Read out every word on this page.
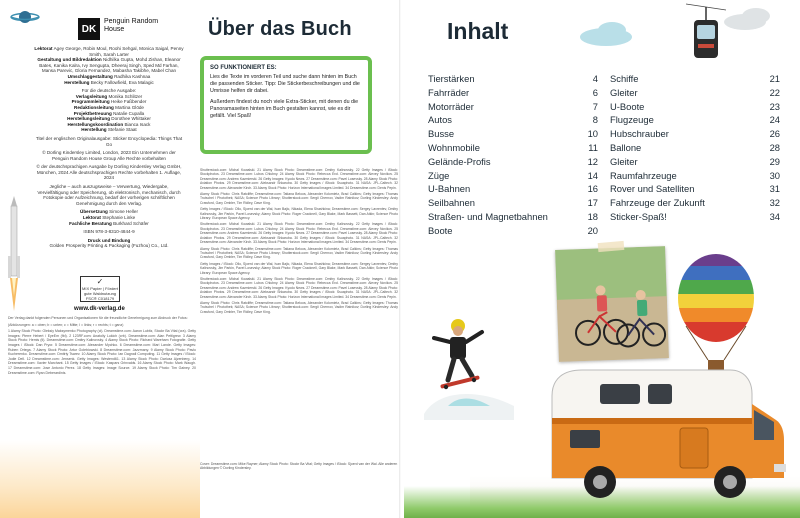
DK
Penguin Random House

Lektorat Agey George, Robin Moul, Roohi Sehgal, Monica Saigal, Penny Smith, Sarah Larter
Gestaltung und Bildredaktion Nidhilka Gupta, Mohd Zishan, Eleanor Bates, Kanika Kalra, Ivy Sengupta, Dheeraj Singh, Sped Md Farhan, Mansa Parevic, Gloria Fernandez, Mabasha Takibhe, Mabel Chan
Umschlaggestaltung Radhika Kashnaa
Herstellung Becky Fallowfield, Eva Malagic

Für die deutsche Ausgabe:
Verlagsleitung Monika Schlitzer
Programmleitung Heike Faßbender
Redaktionsleitung Martina Glöde
Projektbetreuung Natalie Cupalla
Herstellungsleitung Dorothee Whittaker
Herstellungskoordination Bianca Isack
Herstellung Stefanie Staat

Titel der englischen Originalausgabe: Sticker Encyclopedia: Things That Go

© Dorling Kindersley Limited, London, 2023 Ein Unternehmen der Penguin Random House Group Alle Rechte vorbehalten

© der deutschsprachigen Ausgabe by Dorling Kindersley Verlag GmbH, München, 2024 Alle deutschsprachigen Rechte vorbehalten 1. Auflage, 2024

Jegliche – auch auszugsweise – Verwertung, Wiedergabe, Vervielfältigung oder Speicherung, ob elektronisch, mechanisch, durch Fotokopie oder Aufzeichnung, bedarf der vorherigen schriftlichen Genehmigung durch den Verlag.

Übersetzung Simone Heller
Lektorat Stephanie Linke
Fachliche Beratung Burkhard Schäfer

ISBN 978-3-8310-4844-9

Druck und Bindung
Golden Prosperity Printing & Packaging (Fuzhou) Co., Ltd.

✓
MIX Papier | Fördert gute Waldnutzung FSC® C018179
www.dk-verlag.de

Der Verlag dankt folgenden Personen und Organisationen für die freundliche Genehmigung zum Abdruck der Fotos:

(Abkürzungen: a = oben; b = unten; c = Mitte; l = links; r = rechts; t = ganz)

1 Alamy Stock Photo: Oleksiy Maksymenko Photography (cl). Dreamstime.com: Aaron Lubitz, Stockr Ba Vital (cra). Getty Images: Pierre Hebert / EyeEm (fbl). 2 123RF.com: Anatoliy Lukich (crb). Dreamstime.com: Alan Pettigrew. 3 Alamy Stock Photo: Hemis (tl). Dreamstime.com: Dmitry Kalinovsky. 4 Alamy Stock Photo: Richard Wareham Fotografie. Getty Images / iStock: Dan Pryor. 5 Dreamstime.com: Alexander Mychko. 6 Dreamstime.com: Mari Lande. Getty Images: Ruben Ortega. 7 Alamy Stock Photo: Artur Golebiowski. 8 Dreamstime.com: Jazzmany. 9 Alamy Stock Photo: Pavlo Kucherenko. Dreamstime.com: Dmitriy Tsarev. 10 Alamy Stock Photo: Ian Dagnall Computing. 11 Getty Images / iStock: Jodie Dell. 12 Dreamstime.com: Jensenk. Getty Images: Westend61. 13 Alamy Stock Photo: Dariusz Ajzenberg. 14 Dreamstime.com: Xavier Marchant. 15 Getty Images / iStock: Kaspars Grinvalds. 16 Alamy Stock Photo: Mark Waugh. 17 Dreamstime.com: Jose Antonio Perez. 18 Getty Images: Image Source. 19 Alamy Stock Photo: Tim Gainey. 20 Dreamstime.com: Ryan Deberardinis.

Über das Buch
SO FUNKTIONIERT ES:

Lies die Texte im vorderen Teil und suche dann hinten im Buch die passenden Sticker. Tipp: Die Stickerbeschreibungen und die Umrisse helfen dir dabei.

Außerdem findest du noch viele Extra-Sticker, mit denen du die Panoramaseiten hinten im Buch gestalten kannst, wie es dir gefällt. Viel Spaß!

Shutterstock.com: Michal Kowalski. 21 Alamy Stock Photo: Dreamstime.com: Dmitry Kalinovsky. 22 Getty Images / iStock: Stockphotos. 23 Dreamstime.com: Lubos Chlubny. 24 Alamy Stock Photo: Rebecca Erol. Dreamstime.com: Alexey Novikov. 25 Dreamstime.com: Andrew Kazmierski. 26 Getty Images: Kyodo News. 27 Dreamstime.com: Pavel Losevsky. 28 Alamy Stock Photo: Aviation Photos. 29 Dreamstime.com: Aleksandr Shkaruba. 30 Getty Images / iStock: Ssuaphoto. 31 NASA: JPL-Caltech. 32 Dreamstime.com: Alexander Kirch. 33 Alamy Stock Photo: Horizon International Images Limited. 34 Dreamstime.com: Denis Pepin.

Alamy Stock Photo: Chris Ratcliffe; Dreamstime.com: Tatiana Belova, Alexander Kolomietz, Brad Calkins; Getty Images: Thomas Trutschel / Photothek; NASA; Science Photo Library; Shutterstock.com: Sergii Chernov, Vadim Ratnikov; Dorling Kindersley: Andy Crawford, Gary Ombler, Tim Ridley, Dave King.

Getty Images / iStock: Ollo, Sjoerd van der Wal, Ivan Bajic, Nikada, Elena Shashkina; Dreamstime.com: Sergey Lavrentev, Dmitry Kalinovsky, Jim Parkin, Pavel Losevsky; Alamy Stock Photo: Roger Cracknell, Gary Blake, Mark Bassett, Dan Atkin; Science Photo Library: European Space Agency.

Shutterstock.com: Michal Kowalski. 21 Alamy Stock Photo: Dreamstime.com: Dmitry Kalinovsky. 22 Getty Images / iStock: Stockphotos. 23 Dreamstime.com: Lubos Chlubny. 24 Alamy Stock Photo: Rebecca Erol. Dreamstime.com: Alexey Novikov. 25 Dreamstime.com: Andrew Kazmierski. 26 Getty Images: Kyodo News. 27 Dreamstime.com: Pavel Losevsky. 28 Alamy Stock Photo: Aviation Photos. 29 Dreamstime.com: Aleksandr Shkaruba. 30 Getty Images / iStock: Ssuaphoto. 31 NASA: JPL-Caltech. 32 Dreamstime.com: Alexander Kirch. 33 Alamy Stock Photo: Horizon International Images Limited. 34 Dreamstime.com: Denis Pepin.

Alamy Stock Photo: Chris Ratcliffe; Dreamstime.com: Tatiana Belova, Alexander Kolomietz, Brad Calkins; Getty Images: Thomas Trutschel / Photothek; NASA; Science Photo Library; Shutterstock.com: Sergii Chernov, Vadim Ratnikov; Dorling Kindersley: Andy Crawford, Gary Ombler, Tim Ridley, Dave King.

Getty Images / iStock: Ollo, Sjoerd van der Wal, Ivan Bajic, Nikada, Elena Shashkina; Dreamstime.com: Sergey Lavrentev, Dmitry Kalinovsky, Jim Parkin, Pavel Losevsky; Alamy Stock Photo: Roger Cracknell, Gary Blake, Mark Bassett, Dan Atkin; Science Photo Library: European Space Agency.

Shutterstock.com: Michal Kowalski. 21 Alamy Stock Photo: Dreamstime.com: Dmitry Kalinovsky. 22 Getty Images / iStock: Stockphotos. 23 Dreamstime.com: Lubos Chlubny. 24 Alamy Stock Photo: Rebecca Erol. Dreamstime.com: Alexey Novikov. 25 Dreamstime.com: Andrew Kazmierski. 26 Getty Images: Kyodo News. 27 Dreamstime.com: Pavel Losevsky. 28 Alamy Stock Photo: Aviation Photos. 29 Dreamstime.com: Aleksandr Shkaruba. 30 Getty Images / iStock: Ssuaphoto. 31 NASA: JPL-Caltech. 32 Dreamstime.com: Alexander Kirch. 33 Alamy Stock Photo: Horizon International Images Limited. 34 Dreamstime.com: Denis Pepin.

Alamy Stock Photo: Chris Ratcliffe; Dreamstime.com: Tatiana Belova, Alexander Kolomietz, Brad Calkins; Getty Images: Thomas Trutschel / Photothek; NASA; Science Photo Library; Shutterstock.com: Sergii Chernov, Vadim Ratnikov; Dorling Kindersley: Andy Crawford, Gary Ombler, Tim Ridley, Dave King.

Cover: Dreamstime.com: Mike Rayner; Alamy Stock Photo: Stockr Ba Vital; Getty Images / iStock: Sjoerd van der Wal. Alle anderen Abbildungen © Dorling Kindersley.
Inhalt
Tierstärken	4
Fahrräder	6
Motorräder	7
Autos	8
Busse	10
Wohnmobile	11
Gelände-Profis	12
Züge	14
U-Bahnen	16
Seilbahnen	17
Straßen- und Magnetbahnen	18
Boote	20
Schiffe	21
Gleiter	22
U-Boote	23
Flugzeuge	24
Hubschrauber	26
Ballone	28
Gleiter	29
Raumfahrzeuge	30
Rover und Satelliten	31
Fahrzeuge der Zukunft	32
Sticker-Spaß!	34
